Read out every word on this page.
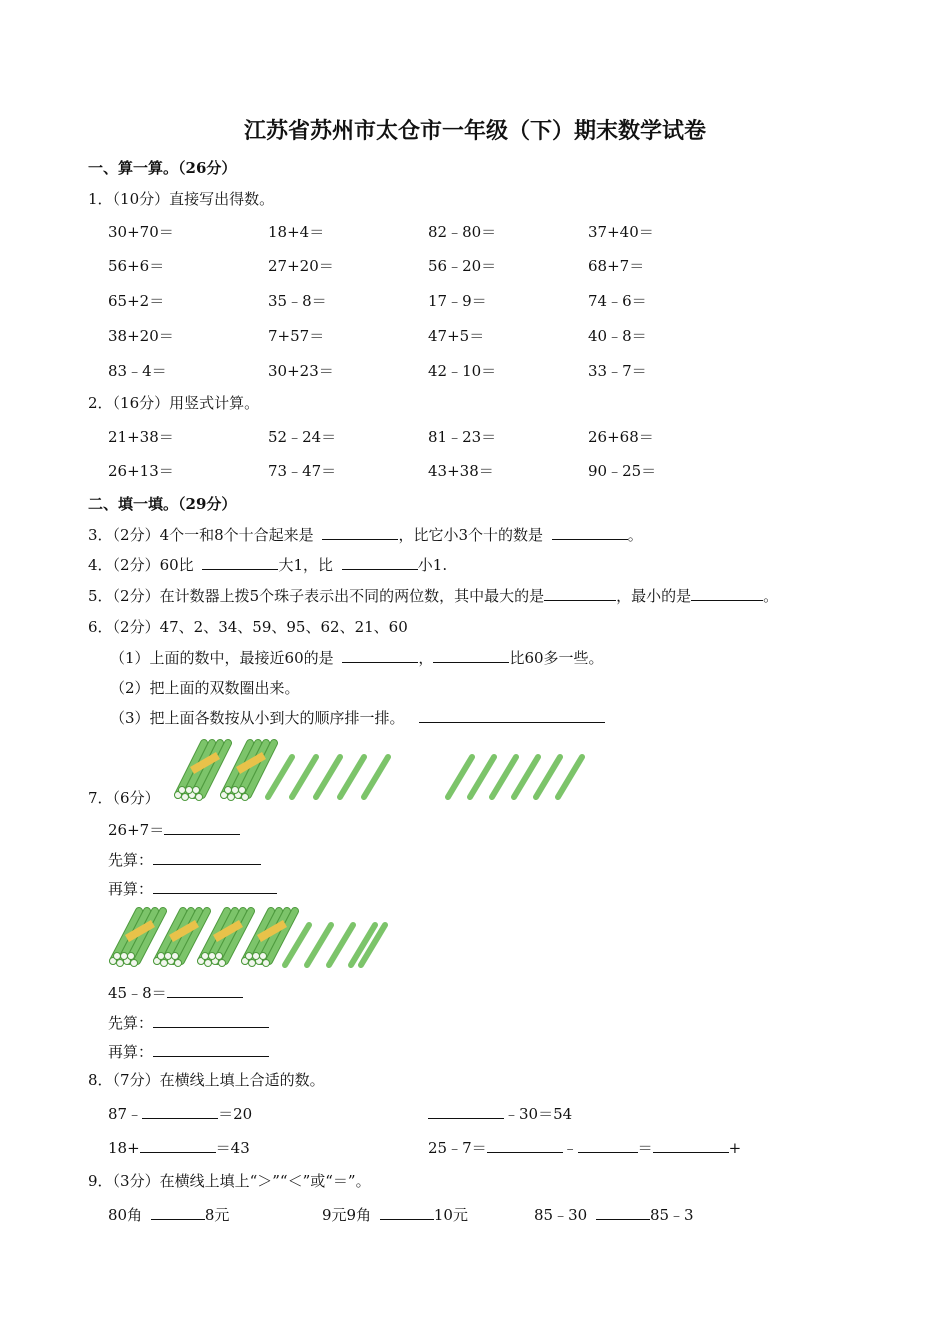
江苏省苏州市太仓市一年级（下）期末数学试卷
一、算一算。（26分）
1．（10分）直接写出得数。
30+70＝	18+4＝	82﹣80＝	37+40＝
56+6＝	27+20＝	56﹣20＝	68+7＝
65+2＝	35﹣8＝	17﹣9＝	74﹣6＝
38+20＝	7+57＝	47+5＝	40﹣8＝
83﹣4＝	30+23＝	42﹣10＝	33﹣7＝
2．（16分）用竖式计算。
21+38＝	52﹣24＝	81﹣23＝	26+68＝
26+13＝	73﹣47＝	43+38＝	90﹣25＝
二、填一填。（29分）
3．（2分）4个一和8个十合起来是	，比它小3个十的数是	。
4．（2分）60比	大1，比	小1.
5．（2分）在计数器上拨5个珠子表示出不同的两位数，其中最大的是	，最小的是	。
6．（2分）47、2、34、59、95、62、21、60
（1）上面的数中，最接近60的是	，	比60多一些。
（2）把上面的双数圈出来。
（3）把上面各数按从小到大的顺序排一排。
7．（6分）
26+7＝
先算：
再算：
45﹣8＝
先算：
再算：
8．（7分）在横线上填上合适的数。
87﹣	＝20	﹣30＝54
18+	＝43	25﹣7＝	﹣	＝	+
9．（3分）在横线上填上“＞”“＜”或“＝”。
80角	8元	9元9角	10元	85﹣30	85﹣3
